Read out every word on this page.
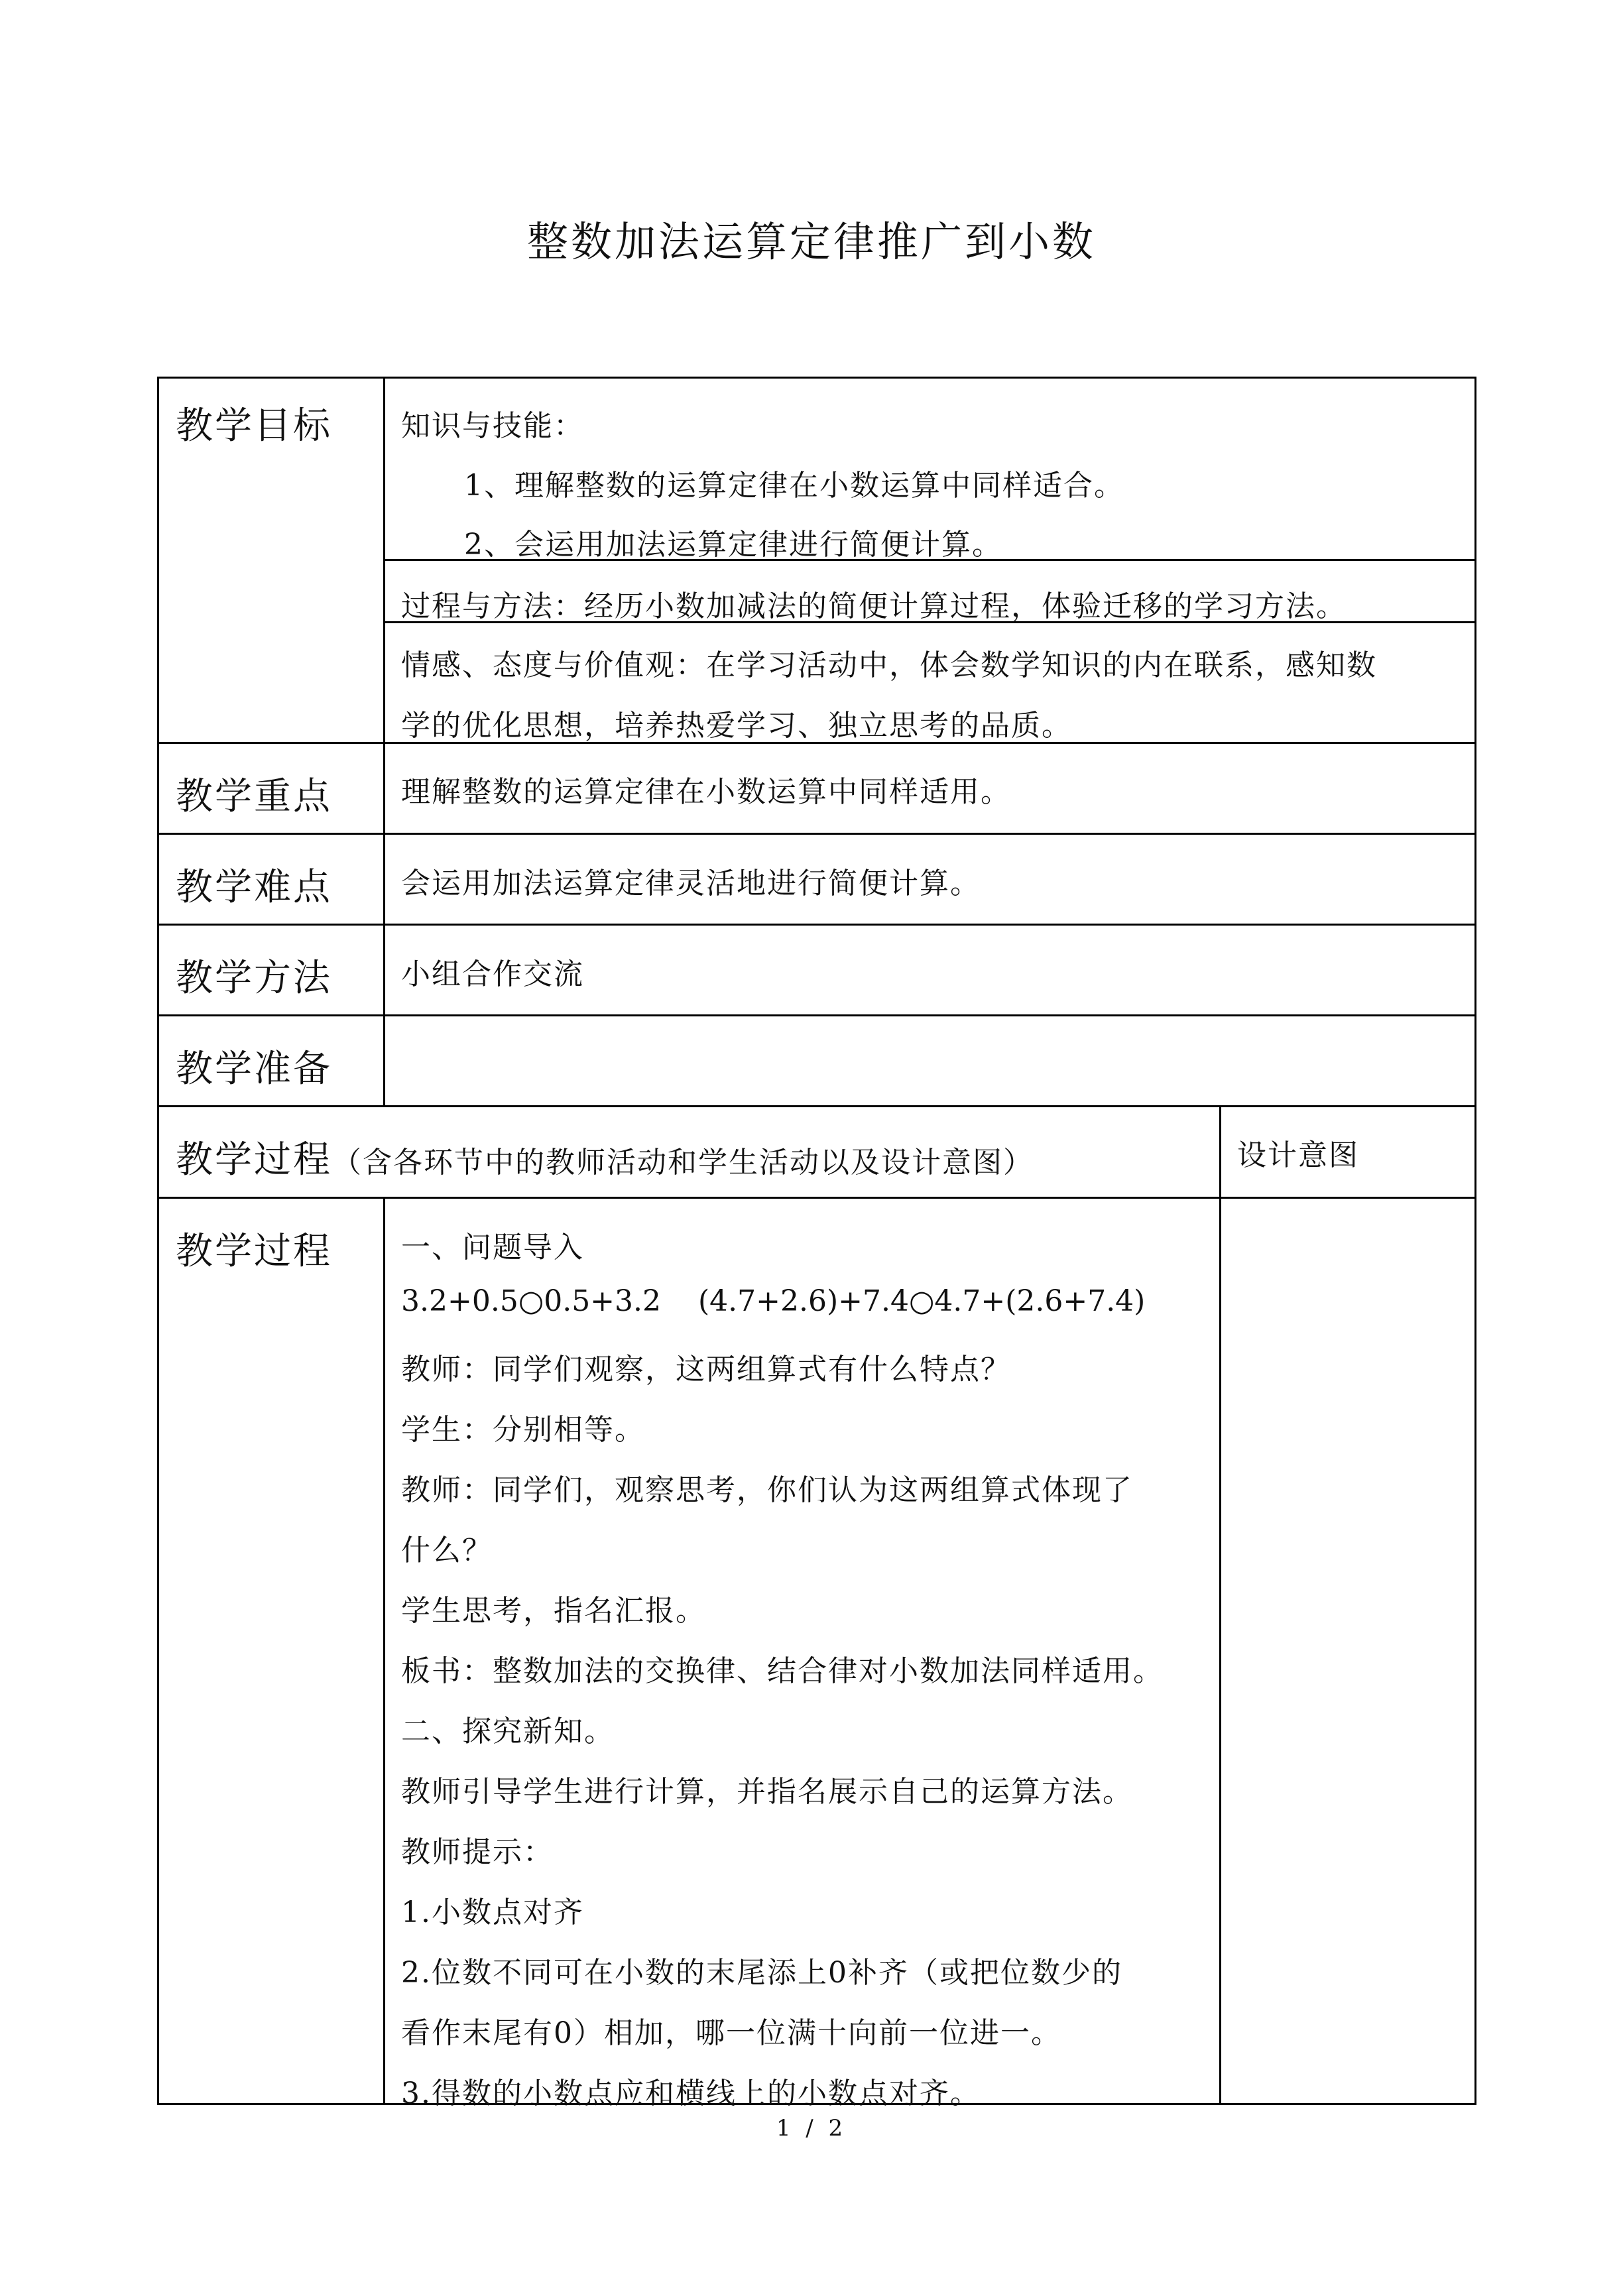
整数加法运算定律推广到小数
教学目标 知识与技能：
1、理解整数的运算定律在小数运算中同样适合。
2、会运用加法运算定律进行简便计算。
过程与方法：经历小数加减法的简便计算过程，体验迁移的学习方法。
情感、态度与价值观：在学习活动中，体会数学知识的内在联系，感知数
学的优化思想，培养热爱学习、独立思考的品质。
教学重点 理解整数的运算定律在小数运算中同样适用。
教学难点 会运用加法运算定律灵活地进行简便计算。
教学方法 小组合作交流
教学准备
教学过程（含各环节中的教师活动和学生活动以及设计意图）	设计意图
教学过程 一、问题导入
3.2+0.5○0.5+3.2    (4.7+2.6)+7.4○4.7+(2.6+7.4)
教师：同学们观察，这两组算式有什么特点？
学生：分别相等。
教师：同学们，观察思考，你们认为这两组算式体现了
什么？
学生思考，指名汇报。
板书：整数加法的交换律、结合律对小数加法同样适用。
二、探究新知。
教师引导学生进行计算，并指名展示自己的运算方法。
教师提示：
1.小数点对齐
2.位数不同可在小数的末尾添上0补齐（或把位数少的
看作末尾有0）相加，哪一位满十向前一位进一。
3.得数的小数点应和横线上的小数点对齐。
1 / 2
